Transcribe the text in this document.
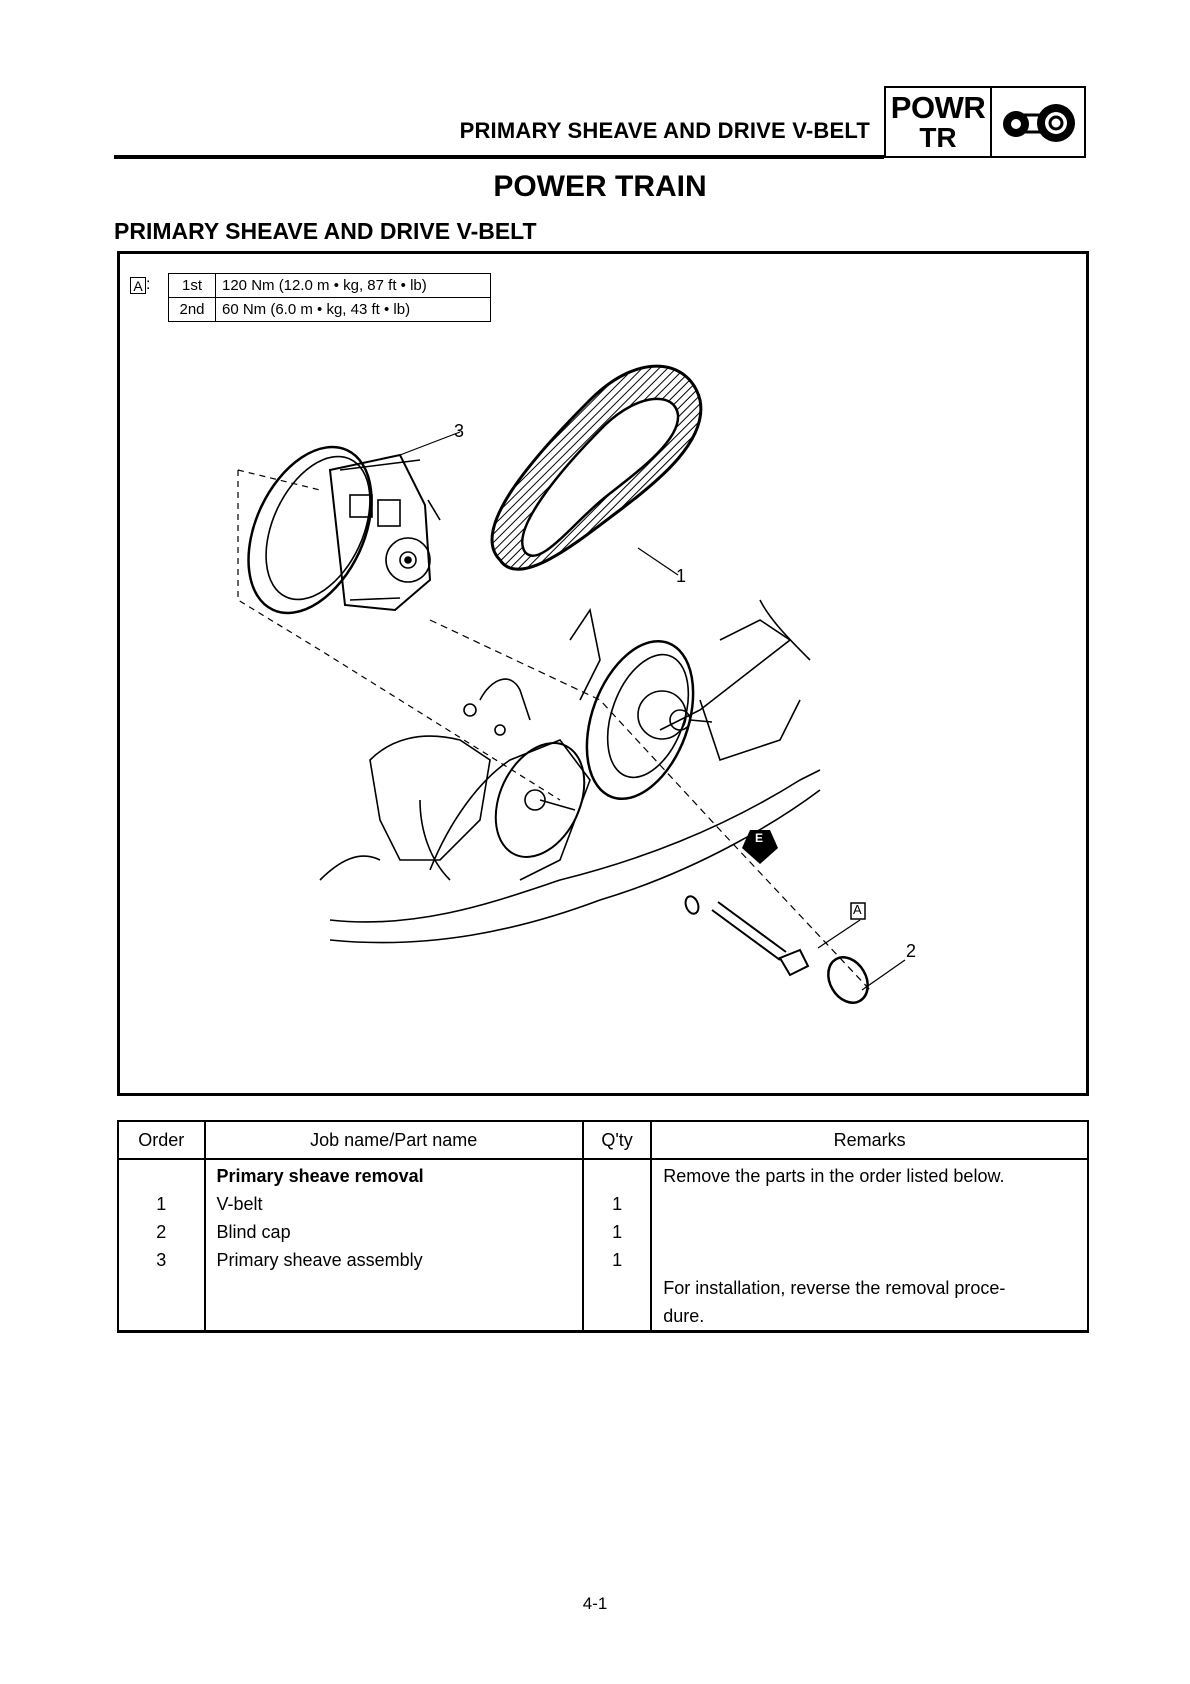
PRIMARY SHEAVE AND DRIVE V-BELT
POWR
TR
POWER TRAIN
PRIMARY SHEAVE AND DRIVE V-BELT
A : 1st	120 Nm (12.0 m • kg, 87 ft • lb)
2nd	60 Nm (6.0 m • kg, 43 ft • lb)
1
2
3
A
E
Order	Job name/Part name	Q'ty	Remarks
	Primary sheave removal		Remove the parts in the order listed below.
1	V-belt	1	
2	Blind cap	1	
3	Primary sheave assembly	1	
			For installation, reverse the removal proce-
			dure.
4-1
